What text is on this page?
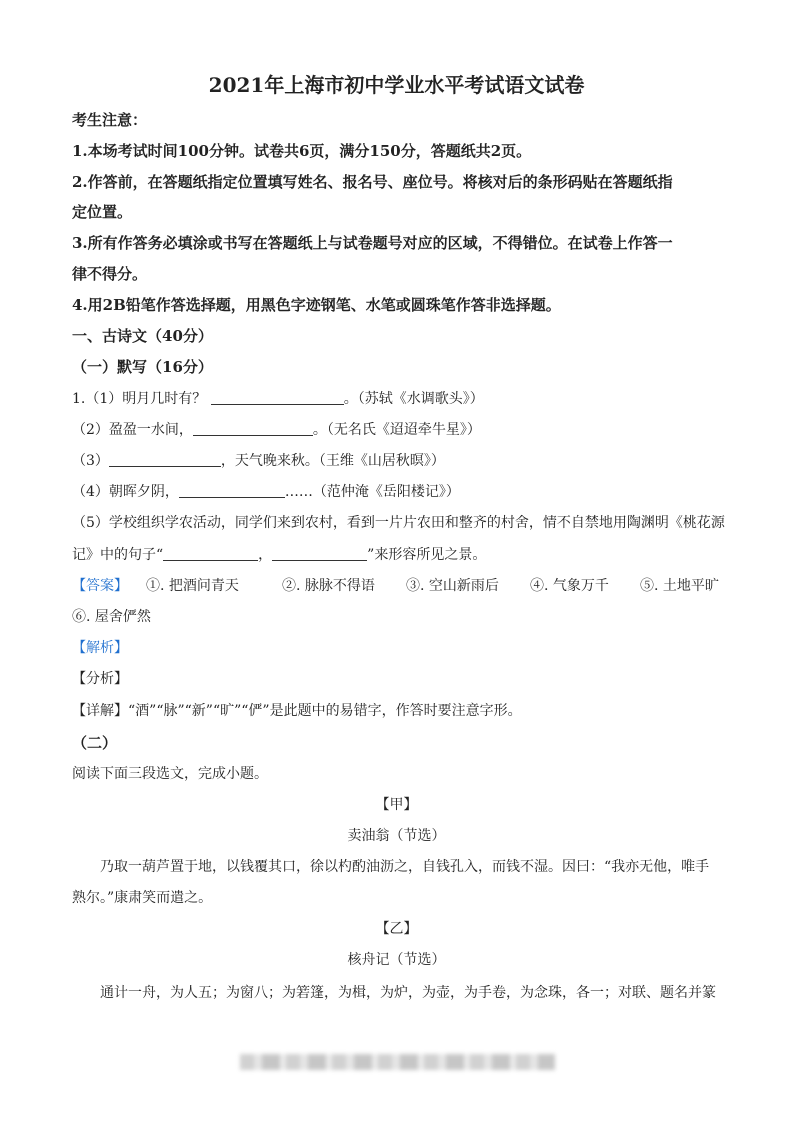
2021年上海市初中学业水平考试语文试卷
考生注意：
1.本场考试时间100分钟。试卷共6页，满分150分，答题纸共2页。
2.作答前，在答题纸指定位置填写姓名、报名号、座位号。将核对后的条形码贴在答题纸指
定位置。
3.所有作答务必填涂或书写在答题纸上与试卷题号对应的区域，不得错位。在试卷上作答一
律不得分。
4.用2B铅笔作答选择题，用黑色字迹钢笔、水笔或圆珠笔作答非选择题。
一、古诗文（40分）
（一）默写（16分）
1.（1）明月几时有？	。（苏轼《水调歌头》）
（2）盈盈一水间，	。（无名氏《迢迢牵牛星》）
（3）	，天气晚来秋。（王维《山居秋暝》）
（4）朝晖夕阴，	……（范仲淹《岳阳楼记》）
（5）学校组织学农活动，同学们来到农村，看到一片片农田和整齐的村舍，情不自禁地用陶渊明《桃花源
记》中的句子“	，	”来形容所见之景。
【答案】 ①. 把酒问青天	②. 脉脉不得语 ③. 空山新雨后 ④. 气象万千 ⑤. 土地平旷
⑥. 屋舍俨然
【解析】
【分析】
【详解】“酒”“脉”“新”“旷”“俨”是此题中的易错字，作答时要注意字形。
（二）
阅读下面三段选文，完成小题。
【甲】
卖油翁（节选）
乃取一葫芦置于地，以钱覆其口，徐以杓酌油沥之，自钱孔入，而钱不湿。因曰：“我亦无他，唯手
熟尔。”康肃笑而遣之。
【乙】
核舟记（节选）
通计一舟，为人五；为窗八；为箬篷，为楫，为炉，为壶，为手卷，为念珠，各一；对联、题名并篆
